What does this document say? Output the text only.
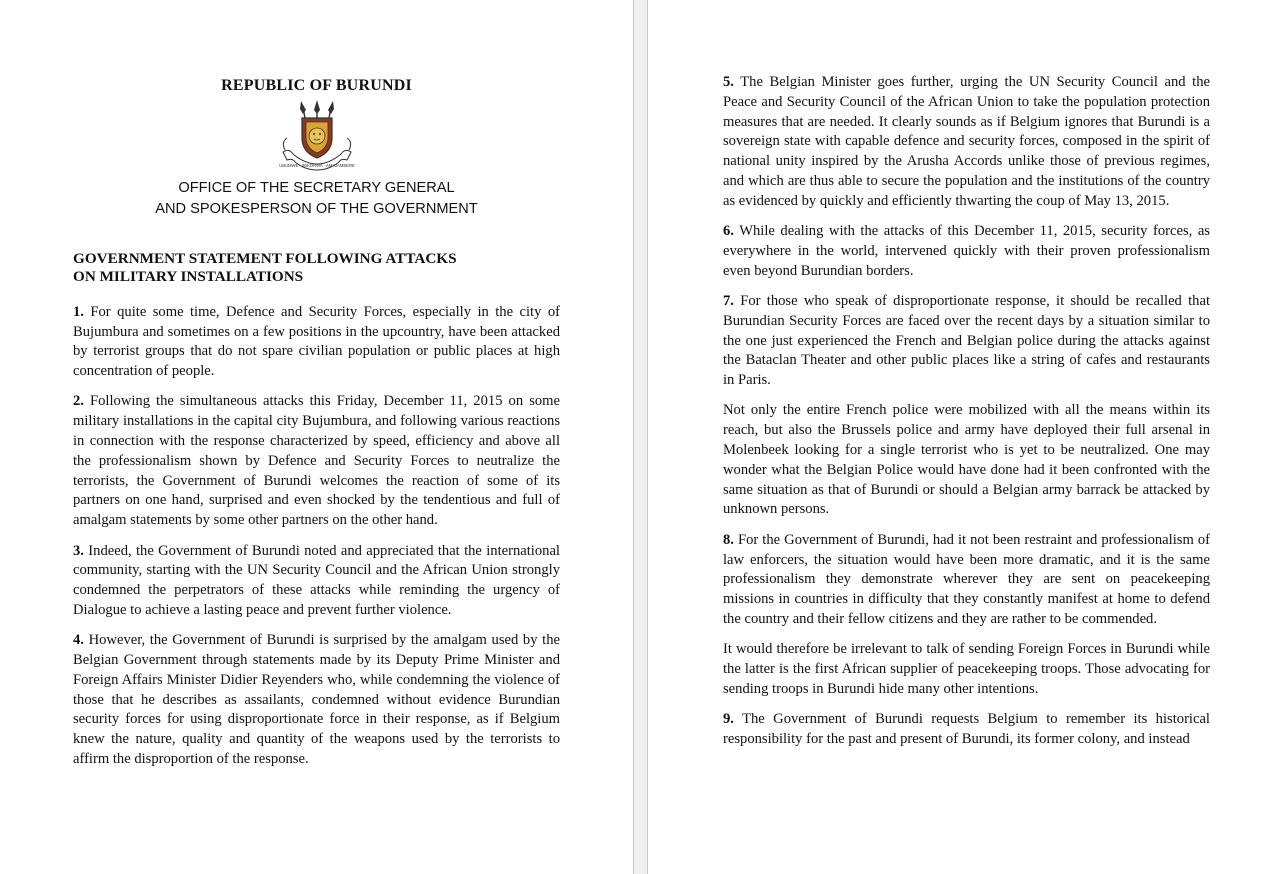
REPUBLIC OF BURUNDI
UBUMWE · IBIKORWA · AMAJAMBERE
OFFICE OF THE SECRETARY GENERAL
AND SPOKESPERSON OF THE GOVERNMENT
GOVERNMENT STATEMENT FOLLOWING ATTACKS
ON MILITARY INSTALLATIONS

1. For quite some time, Defence and Security Forces, especially in the city of Bujumbura and sometimes on a few positions in the upcountry, have been attacked by terrorist groups that do not spare civilian population or public places at high concentration of people.

2. Following the simultaneous attacks this Friday, December 11, 2015 on some military installations in the capital city Bujumbura, and following various reactions in connection with the response characterized by speed, efficiency and above all the professionalism shown by Defence and Security Forces to neutralize the terrorists, the Government of Burundi welcomes the reaction of some of its partners on one hand, surprised and even shocked by the tendentious and full of amalgam statements by some other partners on the other hand.

3. Indeed, the Government of Burundi noted and appreciated that the international community, starting with the UN Security Council and the African Union strongly condemned the perpetrators of these attacks while reminding the urgency of Dialogue to achieve a lasting peace and prevent further violence.

4. However, the Government of Burundi is surprised by the amalgam used by the Belgian Government through statements made by its Deputy Prime Minister and Foreign Affairs Minister Didier Reyenders who, while condemning the violence of those that he describes as assailants, condemned without evidence Burundian security forces for using disproportionate force in their response, as if Belgium knew the nature, quality and quantity of the weapons used by the terrorists to affirm the disproportion of the response.

5. The Belgian Minister goes further, urging the UN Security Council and the Peace and Security Council of the African Union to take the population protection measures that are needed. It clearly sounds as if Belgium ignores that Burundi is a sovereign state with capable defence and security forces, composed in the spirit of national unity inspired by the Arusha Accords unlike those of previous regimes, and which are thus able to secure the population and the institutions of the country as evidenced by quickly and efficiently thwarting the coup of May 13, 2015.

6. While dealing with the attacks of this December 11, 2015, security forces, as everywhere in the world, intervened quickly with their proven professionalism even beyond Burundian borders.

7. For those who speak of disproportionate response, it should be recalled that Burundian Security Forces are faced over the recent days by a situation similar to the one just experienced the French and Belgian police during the attacks against the Bataclan Theater and other public places like a string of cafes and restaurants in Paris.

Not only the entire French police were mobilized with all the means within its reach, but also the Brussels police and army have deployed their full arsenal in Molenbeek looking for a single terrorist who is yet to be neutralized. One may wonder what the Belgian Police would have done had it been confronted with the same situation as that of Burundi or should a Belgian army barrack be attacked by unknown persons.

8. For the Government of Burundi, had it not been restraint and professionalism of law enforcers, the situation would have been more dramatic, and it is the same professionalism they demonstrate wherever they are sent on peacekeeping missions in countries in difficulty that they constantly manifest at home to defend the country and their fellow citizens and they are rather to be commended.

It would therefore be irrelevant to talk of sending Foreign Forces in Burundi while the latter is the first African supplier of peacekeeping troops. Those advocating for sending troops in Burundi hide many other intentions.

9. The Government of Burundi requests Belgium to remember its historical responsibility for the past and present of Burundi, its former colony, and instead
